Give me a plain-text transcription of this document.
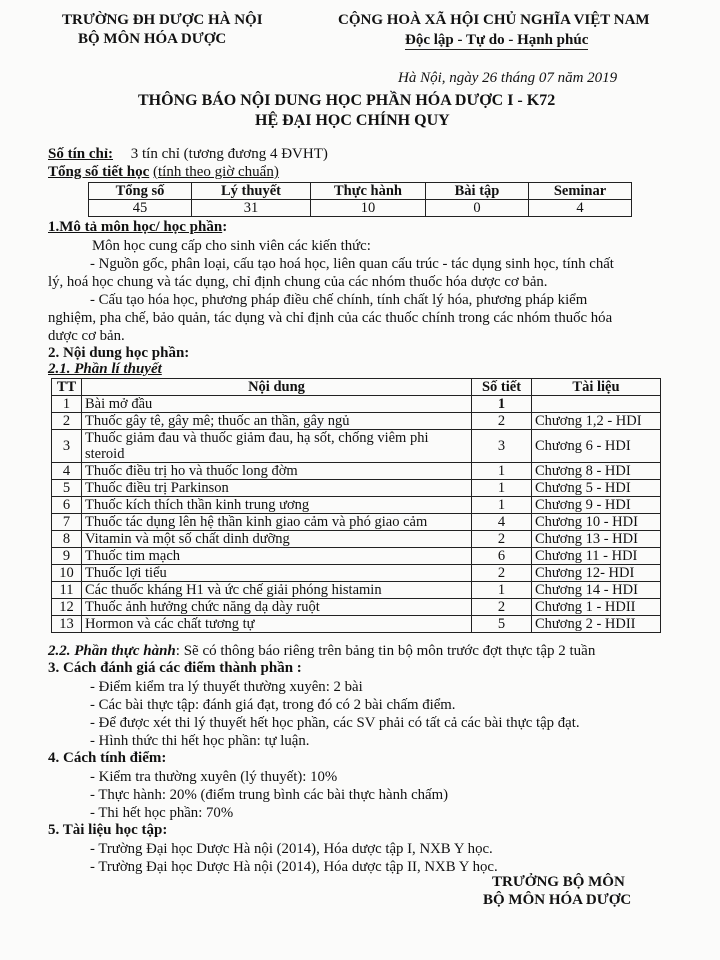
TRƯỜNG ĐH DƯỢC HÀ NỘI
BỘ MÔN HÓA DƯỢC
CỘNG HOÀ XÃ HỘI CHỦ NGHĨA VIỆT NAM
Độc lập - Tự do - Hạnh phúc
Hà Nội, ngày 26 tháng 07 năm 2019
THÔNG BÁO NỘI DUNG HỌC PHẦN HÓA DƯỢC I - K72
HỆ ĐẠI HỌC CHÍNH QUY
Số tín chỉ: 3 tín chỉ (tương đương 4 ĐVHT)
Tổng số tiết học (tính theo giờ chuẩn)
Tổng số	Lý thuyết	Thực hành	Bài tập	Seminar
45	31	10	0	4
1.Mô tả môn học/ học phần:
Môn học cung cấp cho sinh viên các kiến thức:
- Nguồn gốc, phân loại, cấu tạo hoá học, liên quan cấu trúc - tác dụng sinh học, tính chất
lý, hoá học chung và tác dụng, chỉ định chung của các nhóm thuốc hóa dược cơ bản.
- Cấu tạo hóa học, phương pháp điều chế chính, tính chất lý hóa, phương pháp kiểm
nghiệm, pha chế, bảo quản, tác dụng và chỉ định của các thuốc chính trong các nhóm thuốc hóa
dược cơ bản.
2. Nội dung học phần:
2.1. Phần lí thuyết
TT	Nội dung	Số tiết	Tài liệu
1	Bài mở đầu	1	
2	Thuốc gây tê, gây mê; thuốc an thần, gây ngủ	2	Chương 1,2 - HDI
3	Thuốc giảm đau và thuốc giảm đau, hạ sốt, chống viêm phi steroid	3	Chương 6 - HDI
4	Thuốc điều trị ho và thuốc long đờm	1	Chương 8 - HDI
5	Thuốc điều trị Parkinson	1	Chương 5 - HDI
6	Thuốc kích thích thần kinh trung ương	1	Chương 9 - HDI
7	Thuốc tác dụng lên hệ thần kinh giao cảm và phó giao cảm	4	Chương 10 - HDI
8	Vitamin và một số chất dinh dưỡng	2	Chương 13 - HDI
9	Thuốc tim mạch	6	Chương 11 - HDI
10	Thuốc lợi tiểu	2	Chương 12- HDI
11	Các thuốc kháng H1 và ức chế giải phóng histamin	1	Chương 14 - HDI
12	Thuốc ảnh hưởng chức năng dạ dày ruột	2	Chương 1 - HDII
13	Hormon và các chất tương tự	5	Chương 2 - HDII
2.2. Phần thực hành: Sẽ có thông báo riêng trên bảng tin bộ môn trước đợt thực tập 2 tuần
3. Cách đánh giá các điểm thành phần :
- Điểm kiểm tra lý thuyết thường xuyên: 2 bài
- Các bài thực tập: đánh giá đạt, trong đó có 2 bài chấm điểm.
- Để được xét thi lý thuyết hết học phần, các SV phải có tất cả các bài thực tập đạt.
- Hình thức thi hết học phần: tự luận.
4. Cách tính điểm:
- Kiểm tra thường xuyên (lý thuyết): 10%
- Thực hành: 20% (điểm trung bình các bài thực hành chấm)
- Thi hết học phần: 70%
5. Tài liệu học tập:
- Trường Đại học Dược Hà nội (2014), Hóa dược tập I, NXB Y học.
- Trường Đại học Dược Hà nội (2014), Hóa dược tập II, NXB Y học.
TRƯỞNG BỘ MÔN
BỘ MÔN HÓA DƯỢC
